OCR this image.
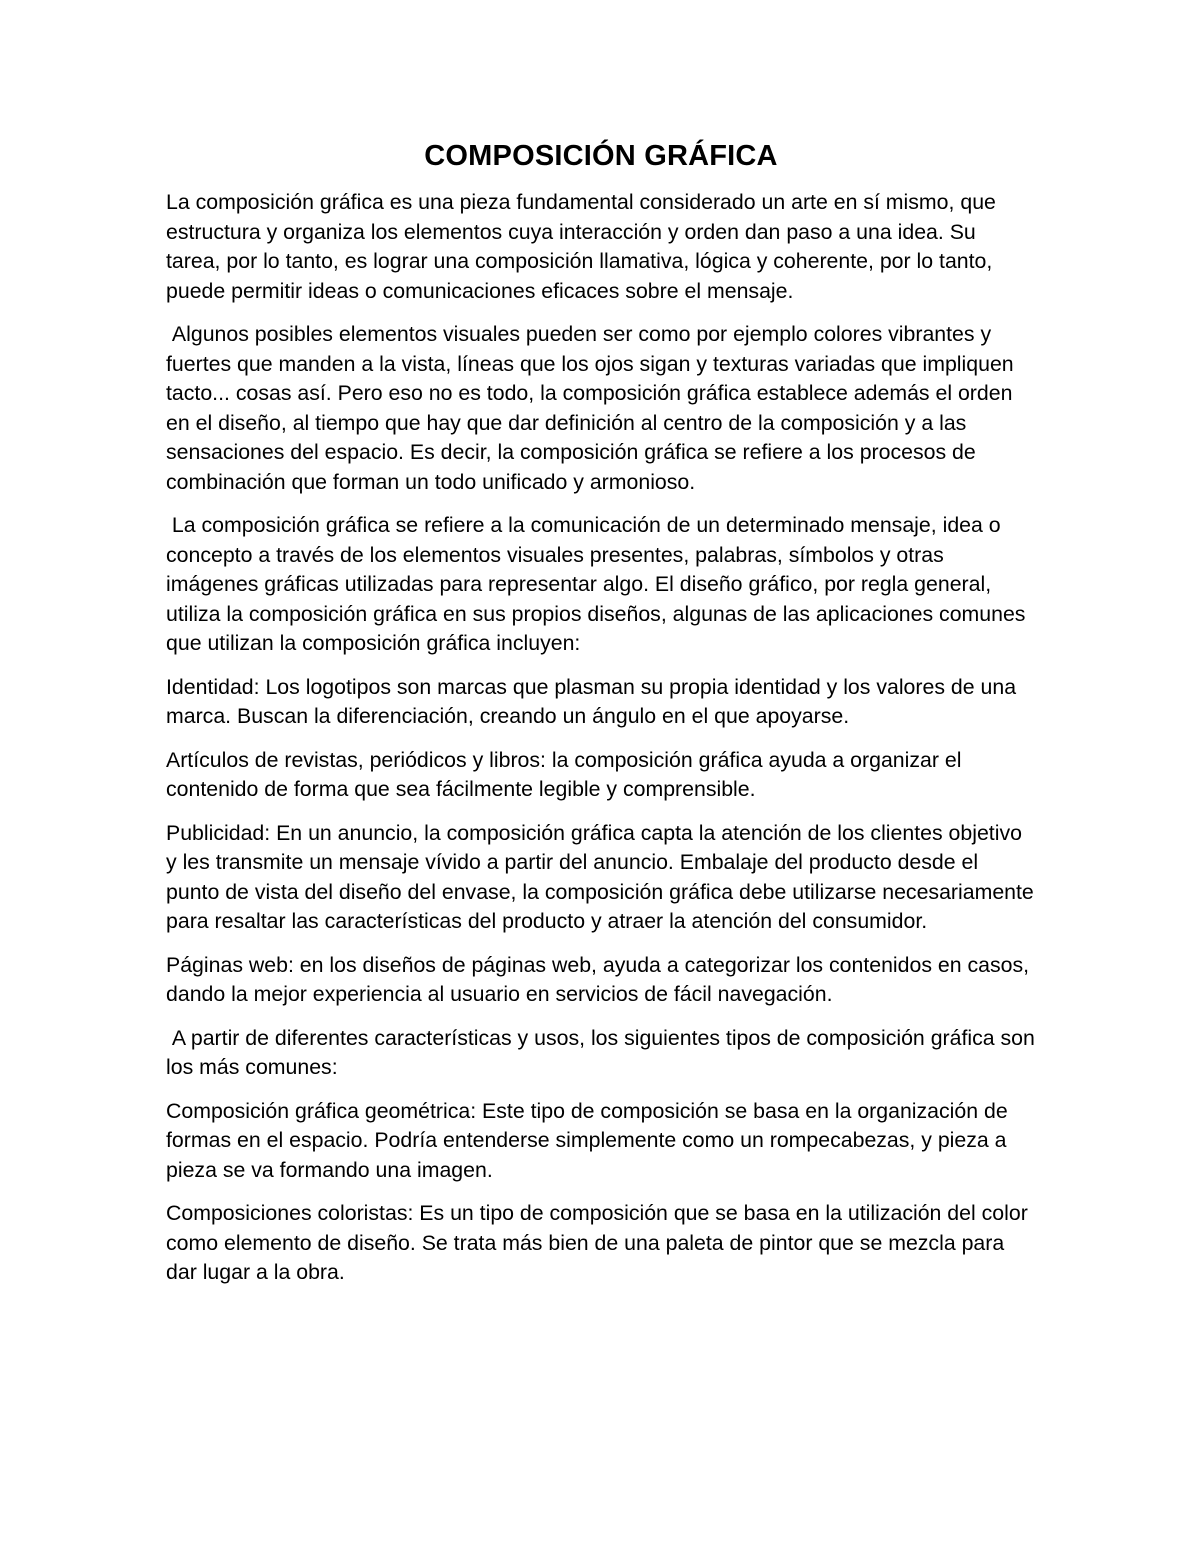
COMPOSICIÓN GRÁFICA

La composición gráfica es una pieza fundamental considerado un arte en sí mismo, que estructura y organiza los elementos cuya interacción y orden dan paso a una idea. Su tarea, por lo tanto, es lograr una composición llamativa, lógica y coherente, por lo tanto, puede permitir ideas o comunicaciones eficaces sobre el mensaje.

Algunos posibles elementos visuales pueden ser como por ejemplo colores vibrantes y fuertes que manden a la vista, líneas que los ojos sigan y texturas variadas que impliquen tacto... cosas así. Pero eso no es todo, la composición gráfica establece además el orden en el diseño, al tiempo que hay que dar definición al centro de la composición y a las sensaciones del espacio. Es decir, la composición gráfica se refiere a los procesos de combinación que forman un todo unificado y armonioso.

La composición gráfica se refiere a la comunicación de un determinado mensaje, idea o concepto a través de los elementos visuales presentes, palabras, símbolos y otras imágenes gráficas utilizadas para representar algo. El diseño gráfico, por regla general, utiliza la composición gráfica en sus propios diseños, algunas de las aplicaciones comunes que utilizan la composición gráfica incluyen:

Identidad: Los logotipos son marcas que plasman su propia identidad y los valores de una marca. Buscan la diferenciación, creando un ángulo en el que apoyarse.

Artículos de revistas, periódicos y libros: la composición gráfica ayuda a organizar el contenido de forma que sea fácilmente legible y comprensible.

Publicidad: En un anuncio, la composición gráfica capta la atención de los clientes objetivo y les transmite un mensaje vívido a partir del anuncio. Embalaje del producto desde el punto de vista del diseño del envase, la composición gráfica debe utilizarse necesariamente para resaltar las características del producto y atraer la atención del consumidor.

Páginas web: en los diseños de páginas web, ayuda a categorizar los contenidos en casos, dando la mejor experiencia al usuario en servicios de fácil navegación.

A partir de diferentes características y usos, los siguientes tipos de composición gráfica son los más comunes:

Composición gráfica geométrica: Este tipo de composición se basa en la organización de formas en el espacio. Podría entenderse simplemente como un rompecabezas, y pieza a pieza se va formando una imagen.

Composiciones coloristas: Es un tipo de composición que se basa en la utilización del color como elemento de diseño. Se trata más bien de una paleta de pintor que se mezcla para dar lugar a la obra.
